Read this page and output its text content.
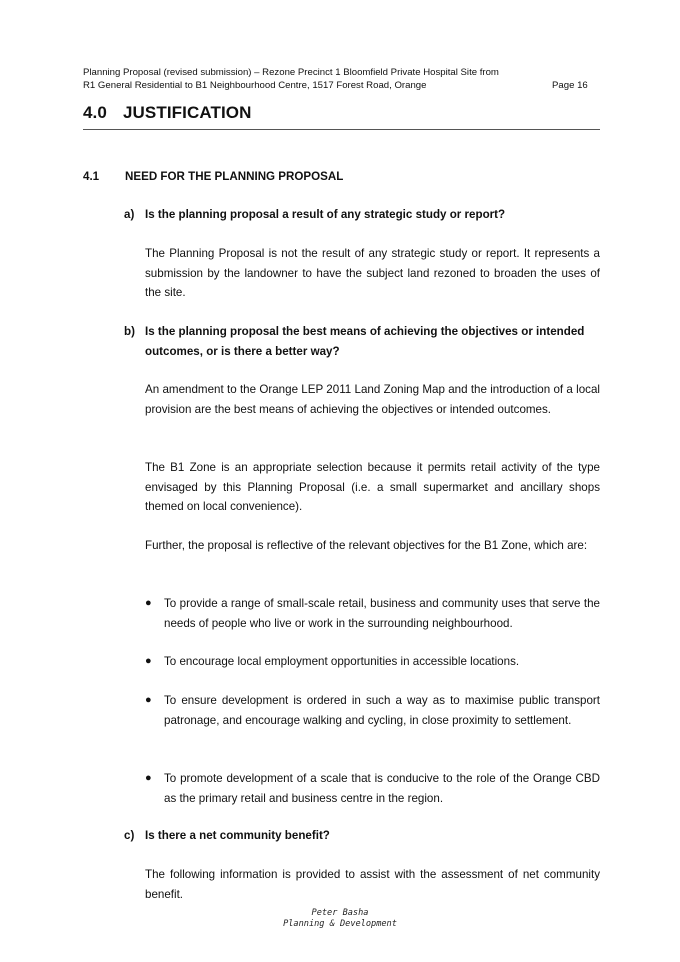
Planning Proposal (revised submission) – Rezone Precinct 1 Bloomfield Private Hospital Site from
R1 General Residential to B1 Neighbourhood Centre, 1517 Forest Road, Orange	Page 16
4.0 JUSTIFICATION
4.1 NEED FOR THE PLANNING PROPOSAL
a) Is the planning proposal a result of any strategic study or report?
The Planning Proposal is not the result of any strategic study or report. It represents a submission by the landowner to have the subject land rezoned to broaden the uses of the site.
b) Is the planning proposal the best means of achieving the objectives or intended outcomes, or is there a better way?
An amendment to the Orange LEP 2011 Land Zoning Map and the introduction of a local provision are the best means of achieving the objectives or intended outcomes.
The B1 Zone is an appropriate selection because it permits retail activity of the type envisaged by this Planning Proposal (i.e. a small supermarket and ancillary shops themed on local convenience).
Further, the proposal is reflective of the relevant objectives for the B1 Zone, which are:
● To provide a range of small-scale retail, business and community uses that serve the needs of people who live or work in the surrounding neighbourhood.
● To encourage local employment opportunities in accessible locations.
● To ensure development is ordered in such a way as to maximise public transport patronage, and encourage walking and cycling, in close proximity to settlement.
● To promote development of a scale that is conducive to the role of the Orange CBD as the primary retail and business centre in the region.
c) Is there a net community benefit?
The following information is provided to assist with the assessment of net community benefit.
Peter Basha
Planning & Development
